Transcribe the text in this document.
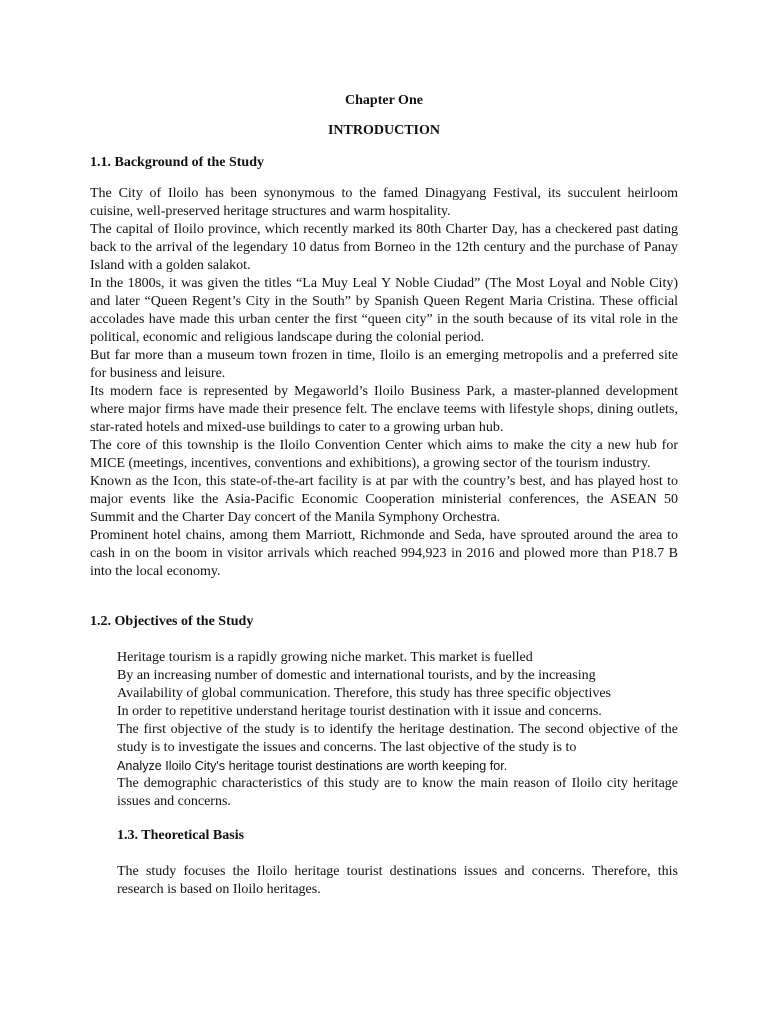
Chapter One
INTRODUCTION
1.1. Background of the Study

The City of Iloilo has been synonymous to the famed Dinagyang Festival, its succulent heirloom cuisine, well-preserved heritage structures and warm hospitality.

The capital of Iloilo province, which recently marked its 80th Charter Day, has a checkered past dating back to the arrival of the legendary 10 datus from Borneo in the 12th century and the purchase of Panay Island with a golden salakot.

In the 1800s, it was given the titles “La Muy Leal Y Noble Ciudad” (The Most Loyal and Noble City) and later “Queen Regent’s City in the South” by Spanish Queen Regent Maria Cristina. These official accolades have made this urban center the first “queen city” in the south because of its vital role in the political, economic and religious landscape during the colonial period.

But far more than a museum town frozen in time, Iloilo is an emerging metropolis and a preferred site for business and leisure.

Its modern face is represented by Megaworld’s Iloilo Business Park, a master-planned development where major firms have made their presence felt. The enclave teems with lifestyle shops, dining outlets, star-rated hotels and mixed-use buildings to cater to a growing urban hub.

The core of this township is the Iloilo Convention Center which aims to make the city a new hub for MICE (meetings, incentives, conventions and exhibitions), a growing sector of the tourism industry.

Known as the Icon, this state-of-the-art facility is at par with the country’s best, and has played host to major events like the Asia-Pacific Economic Cooperation ministerial conferences, the ASEAN 50 Summit and the Charter Day concert of the Manila Symphony Orchestra.

Prominent hotel chains, among them Marriott, Richmonde and Seda, have sprouted around the area to cash in on the boom in visitor arrivals which reached 994,923 in 2016 and plowed more than P18.7 B into the local economy.

1.2. Objectives of the Study

Heritage tourism is a rapidly growing niche market. This market is fuelled

By an increasing number of domestic and international tourists, and by the increasing

Availability of global communication. Therefore, this study has three specific objectives

In order to repetitive understand heritage tourist destination with it issue and concerns.

The first objective of the study is to identify the heritage destination. The second objective of the study is to investigate the issues and concerns. The last objective of the study is to

Analyze Iloilo City's heritage tourist destinations are worth keeping for.

The demographic characteristics of this study are to know the main reason of Iloilo city heritage issues and concerns.

1.3. Theoretical Basis

The study focuses the Iloilo heritage tourist destinations issues and concerns. Therefore, this research is based on Iloilo heritages.
